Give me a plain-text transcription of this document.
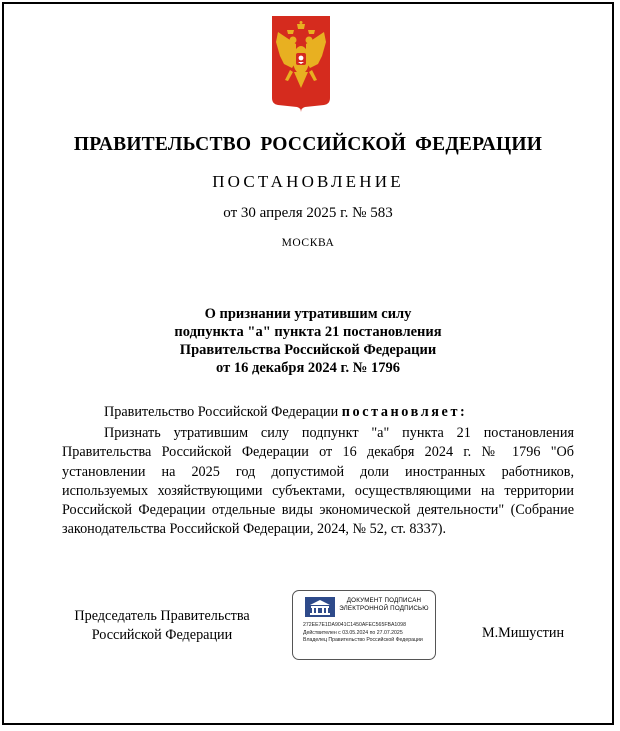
ПРАВИТЕЛЬСТВО РОССИЙСКОЙ ФЕДЕРАЦИИ
ПОСТАНОВЛЕНИЕ
от 30 апреля 2025 г. № 583
МОСКВА
О признании утратившим силу
подпункта "а" пункта 21 постановления
Правительства Российской Федерации
от 16 декабря 2024 г. № 1796
Правительство Российской Федерации постановляет:
Признать утратившим силу подпункт "а" пункта 21 постановления Правительства Российской Федерации от 16 декабря 2024 г. № 1796 "Об установлении на 2025 год допустимой доли иностранных работников, используемых хозяйствующими субъектами, осуществляющими на территории Российской Федерации отдельные виды экономической деятельности" (Собрание законодательства Российской Федерации, 2024, № 52, ст. 8337).
Председатель Правительства
Российской Федерации
ДОКУМЕНТ ПОДПИСАН
ЭЛЕКТРОННОЙ ПОДПИСЬЮ
272EE7E1DA9041C1450AFEC565FBA1098
Действителен с 03.05.2024 по 27.07.2025
Владелец Правительство Российской Федерации	М.Мишустин
